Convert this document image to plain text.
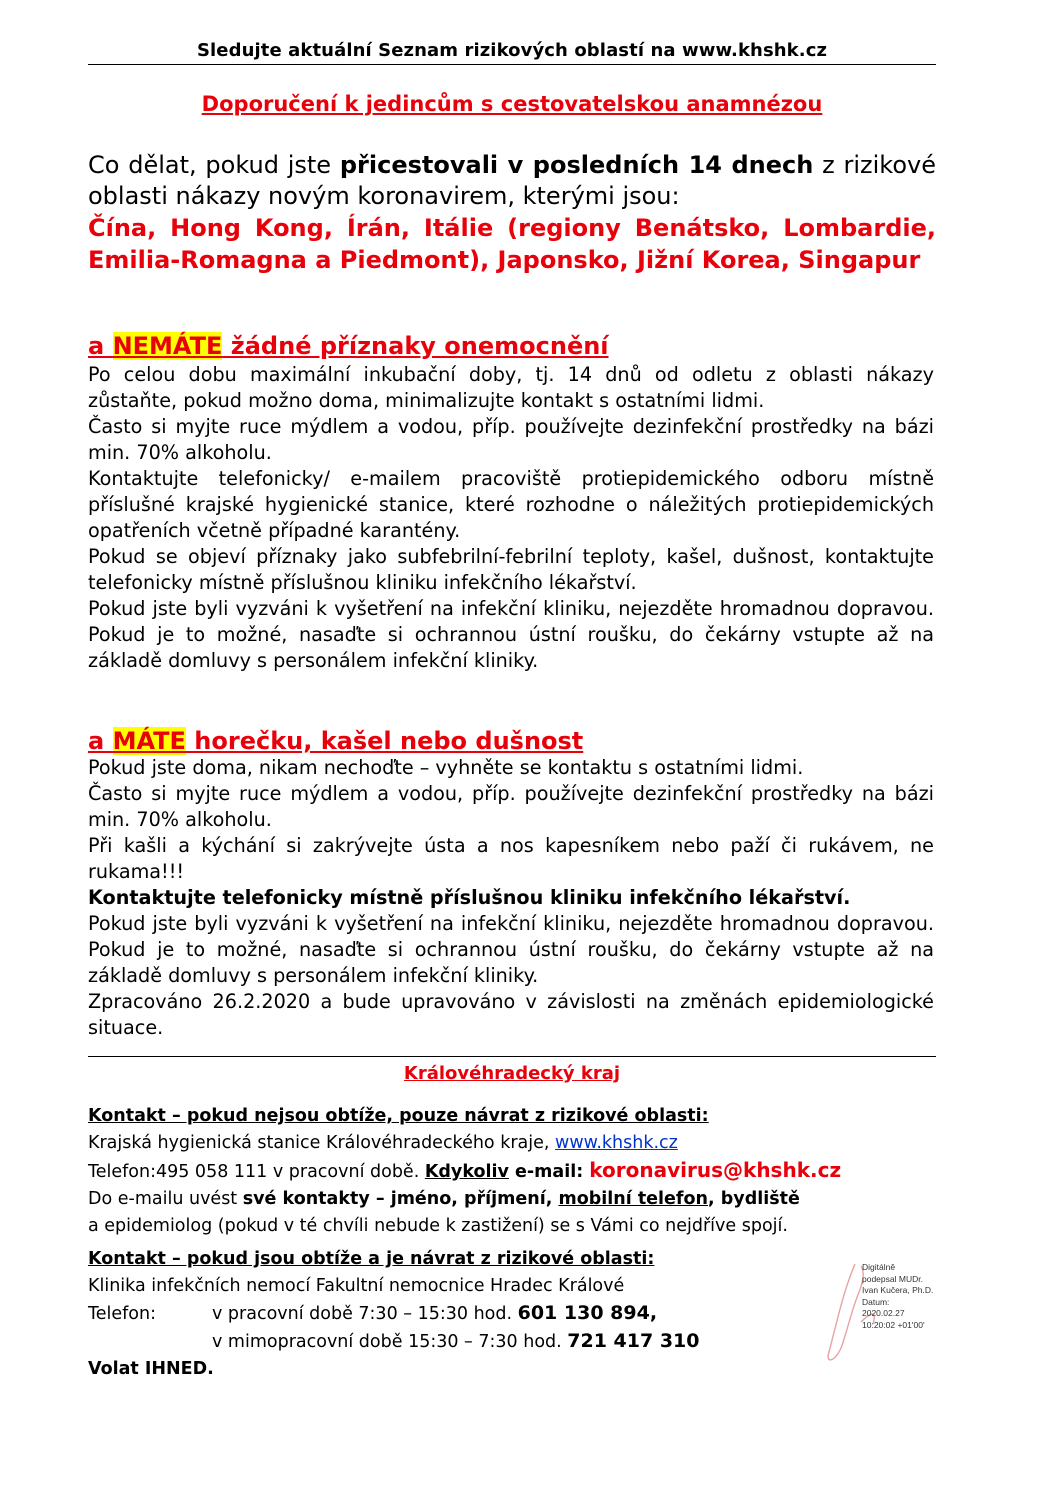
Sledujte aktuální Seznam rizikových oblastí na www.khshk.cz
Doporučení k jedincům s cestovatelskou anamnézou
Co dělat, pokud jste přicestovali v posledních 14 dnech z rizikové oblasti nákazy novým koronavirem, kterými jsou:
Čína, Hong Kong, Írán, Itálie (regiony Benátsko, Lombardie, Emilia-Romagna a Piedmont), Japonsko, Jižní Korea, Singapur
a NEMÁTE žádné příznaky onemocnění

Po celou dobu maximální inkubační doby, tj. 14 dnů od odletu z oblasti nákazy zůstaňte, pokud možno doma, minimalizujte kontakt s ostatními lidmi.

Často si myjte ruce mýdlem a vodou, příp. používejte dezinfekční prostředky na bázi min. 70% alkoholu.

Kontaktujte telefonicky/ e-mailem pracoviště protiepidemického odboru místně příslušné krajské hygienické stanice, které rozhodne o náležitých protiepidemických opatřeních včetně případné karantény.

Pokud se objeví příznaky jako subfebrilní-febrilní teploty, kašel, dušnost, kontaktujte telefonicky místně příslušnou kliniku infekčního lékařství.

Pokud jste byli vyzváni k vyšetření na infekční kliniku, nejezděte hromadnou dopravou. Pokud je to možné, nasaďte si ochrannou ústní roušku, do čekárny vstupte až na základě domluvy s personálem infekční kliniky.

a MÁTE horečku, kašel nebo dušnost

Pokud jste doma, nikam nechoďte – vyhněte se kontaktu s ostatními lidmi.

Často si myjte ruce mýdlem a vodou, příp. používejte dezinfekční prostředky na bázi min. 70% alkoholu.

Při kašli a kýchání si zakrývejte ústa a nos kapesníkem nebo paží či rukávem, ne rukama!!!

Kontaktujte telefonicky místně příslušnou kliniku infekčního lékařství.

Pokud jste byli vyzváni k vyšetření na infekční kliniku, nejezděte hromadnou dopravou. Pokud je to možné, nasaďte si ochrannou ústní roušku, do čekárny vstupte až na základě domluvy s personálem infekční kliniky.

Zpracováno 26.2.2020 a bude upravováno v závislosti na změnách epidemiologické situace.

Královéhradecký kraj

Kontakt – pokud nejsou obtíže, pouze návrat z rizikové oblasti:

Krajská hygienická stanice Královéhradeckého kraje, www.khshk.cz

Telefon:495 058 111 v pracovní době. Kdykoliv e-mail: koronavirus@khshk.cz

Do e-mailu uvést své kontakty – jméno, příjmení, mobilní telefon, bydliště

a epidemiolog (pokud v té chvíli nebude k zastižení) se s Vámi co nejdříve spojí.

Kontakt – pokud jsou obtíže a je návrat z rizikové oblasti:

Klinika infekčních nemocí Fakultní nemocnice Hradec Králové

Telefon:	v pracovní době 7:30 – 15:30 hod. 601 130 894,

v mimopracovní době 15:30 – 7:30 hod. 721 417 310

Volat IHNED.

Digitálně
podepsal MUDr.
Ivan Kučera, Ph.D.
Datum:
2020.02.27
10:20:02 +01'00'
